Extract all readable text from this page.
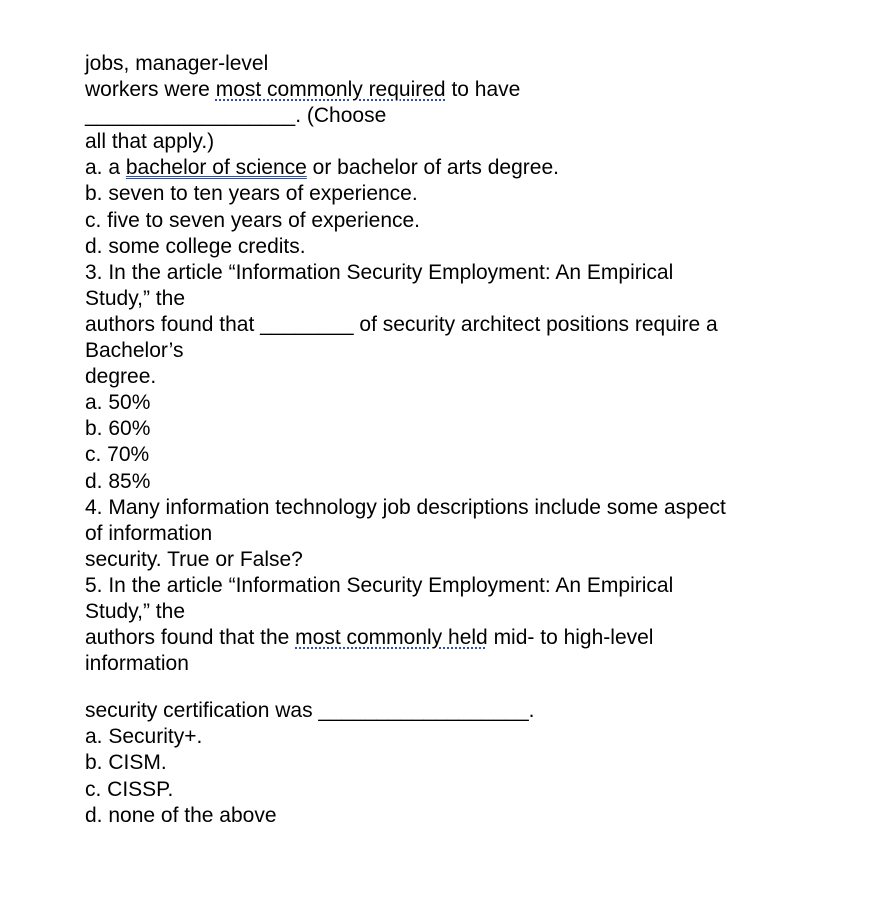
jobs, manager-level
workers were most commonly required to have
__________________. (Choose
all that apply.)
a. a bachelor of science or bachelor of arts degree.
b. seven to ten years of experience.
c. five to seven years of experience.
d. some college credits.
3. In the article “Information Security Employment: An Empirical
Study,” the
authors found that ________ of security architect positions require a
Bachelor’s
degree.
a. 50%
b. 60%
c. 70%
d. 85%
4. Many information technology job descriptions include some aspect
of information
security. True or False?
5. In the article “Information Security Employment: An Empirical
Study,” the
authors found that the most commonly held mid- to high-level
information
security certification was __________________.
a. Security+.
b. CISM.
c. CISSP.
d. none of the above
